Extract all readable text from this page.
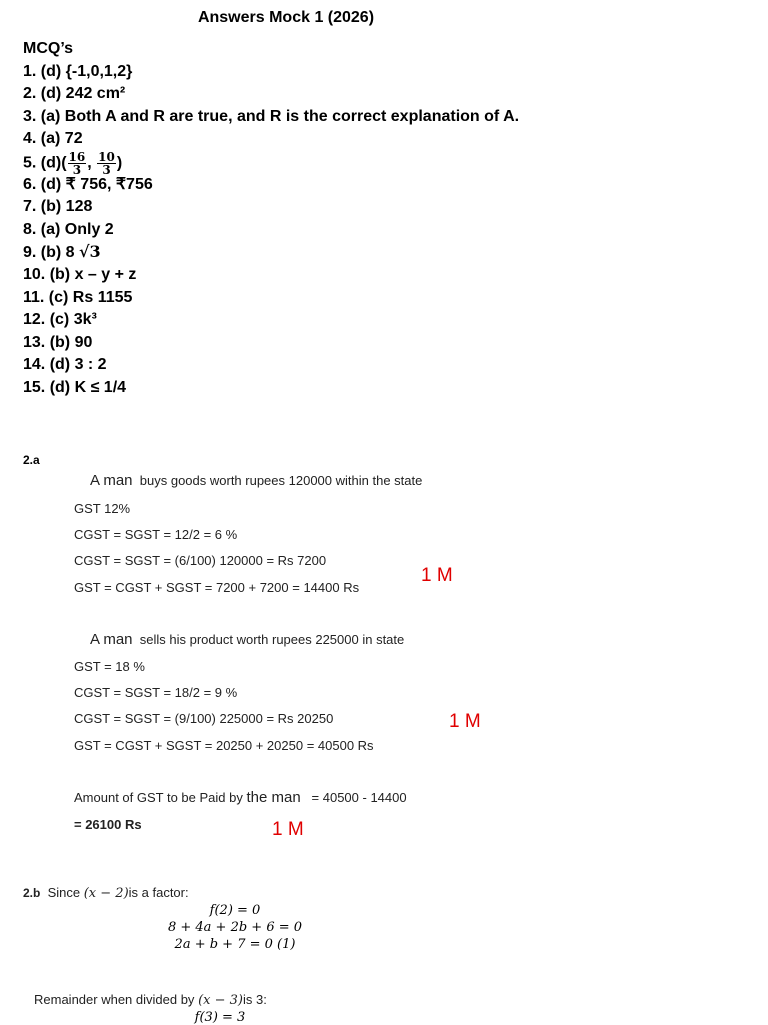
Answers Mock 1 (2026)
MCQ’s
1. (d) {-1,0,1,2}
2. (d) 242 cm²
3. (a) Both A and R are true, and R is the correct explanation of A.
4. (a) 72
5. $(d)( \frac{16}{3}$ , $\frac{10}{3}$ )
6. (d) ₹ 756, ₹756
7. (b) 128
8. (a) Only 2
9. (b) 8 √3
10. (b) x – y + z
11. (c) Rs 1155
12. (c) 3k³
13. (b) 90
14. (d) 3 : 2
15. (d) K ≤ 1/4
2.a
A man buys goods worth rupees 120000 within the state
GST 12%
CGST = SGST = 12/2 = 6 %
CGST = SGST = (6/100) 120000 = Rs 7200
GST = CGST + SGST = 7200 + 7200 = 14400 Rs
1 M
A man sells his product worth rupees 225000 in state
GST = 18 %
CGST = SGST = 18/2 = 9 %
CGST = SGST = (9/100) 225000 = Rs 20250
GST = CGST + SGST = 20250 + 20250 = 40500 Rs
1 M
Amount of GST to be Paid by the man = 40500 - 14400
= 26100 Rs	1 M
2.b Since (x − 2)is a factor:
f(2) = 0
8 + 4a + 2b + 6 = 0
2a + b + 7 = 0 (1)
Remainder when divided by (x − 3)is 3:
f(3) = 3
